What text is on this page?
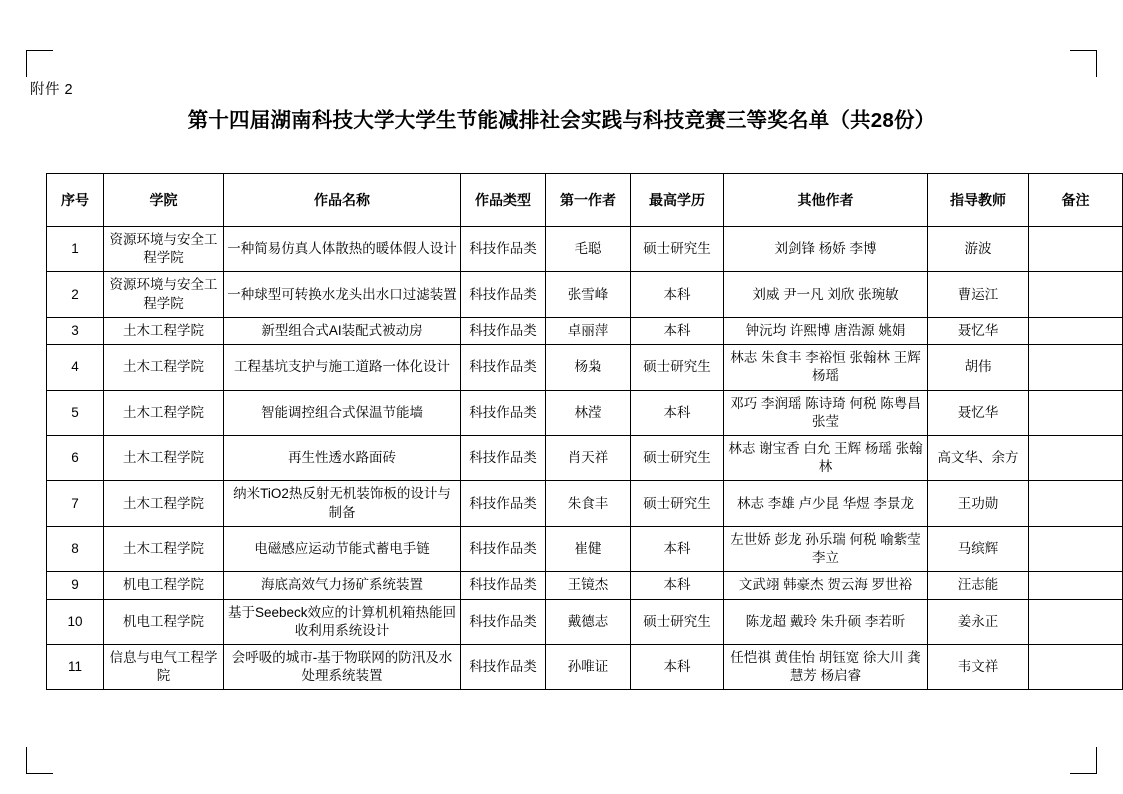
附件 2
第十四届湖南科技大学大学生节能减排社会实践与科技竞赛三等奖名单（共28份）
序号	学院	作品名称	作品类型	第一作者	最高学历	其他作者	指导教师	备注
1	资源环境与安全工程学院	一种简易仿真人体散热的暖体假人设计	科技作品类	毛聪	硕士研究生	刘剑锋 杨娇 李博	游波	
2	资源环境与安全工程学院	一种球型可转换水龙头出水口过滤装置	科技作品类	张雪峰	本科	刘威 尹一凡 刘欣 张琬敏	曹运江	
3	土木工程学院	新型组合式AI装配式被动房	科技作品类	卓丽萍	本科	钟沅均 许熙博 唐浩源 姚娟	聂忆华	
4	土木工程学院	工程基坑支护与施工道路一体化设计	科技作品类	杨枭	硕士研究生	林志 朱食丰 李裕恒 张翰林 王辉 杨瑶	胡伟	
5	土木工程学院	智能调控组合式保温节能墙	科技作品类	林滢	本科	邓巧 李润瑶 陈诗琦 何税 陈粤昌 张莹	聂忆华	
6	土木工程学院	再生性透水路面砖	科技作品类	肖天祥	硕士研究生	林志 谢宝香 白允 王辉 杨瑶 张翰林	高文华、余方	
7	土木工程学院	纳米TiO2热反射无机装饰板的设计与制备	科技作品类	朱食丰	硕士研究生	林志 李雄 卢少昆 华煜 李景龙	王功勋	
8	土木工程学院	电磁感应运动节能式蓄电手链	科技作品类	崔健	本科	左世娇 彭龙 孙乐瑞 何税 喻紫莹 李立	马缤辉	
9	机电工程学院	海底高效气力扬矿系统装置	科技作品类	王镜杰	本科	文武翊 韩豪杰 贺云海 罗世裕	汪志能	
10	机电工程学院	基于Seebeck效应的计算机机箱热能回收利用系统设计	科技作品类	戴德志	硕士研究生	陈龙超 戴玲 朱升硕 李若昕	姜永正	
11	信息与电气工程学院	会呼吸的城市-基于物联网的防汛及水处理系统装置	科技作品类	孙唯证	本科	任恺祺 黄佳怡 胡钰宽 徐大川 龚慧芳 杨启睿	韦文祥	
